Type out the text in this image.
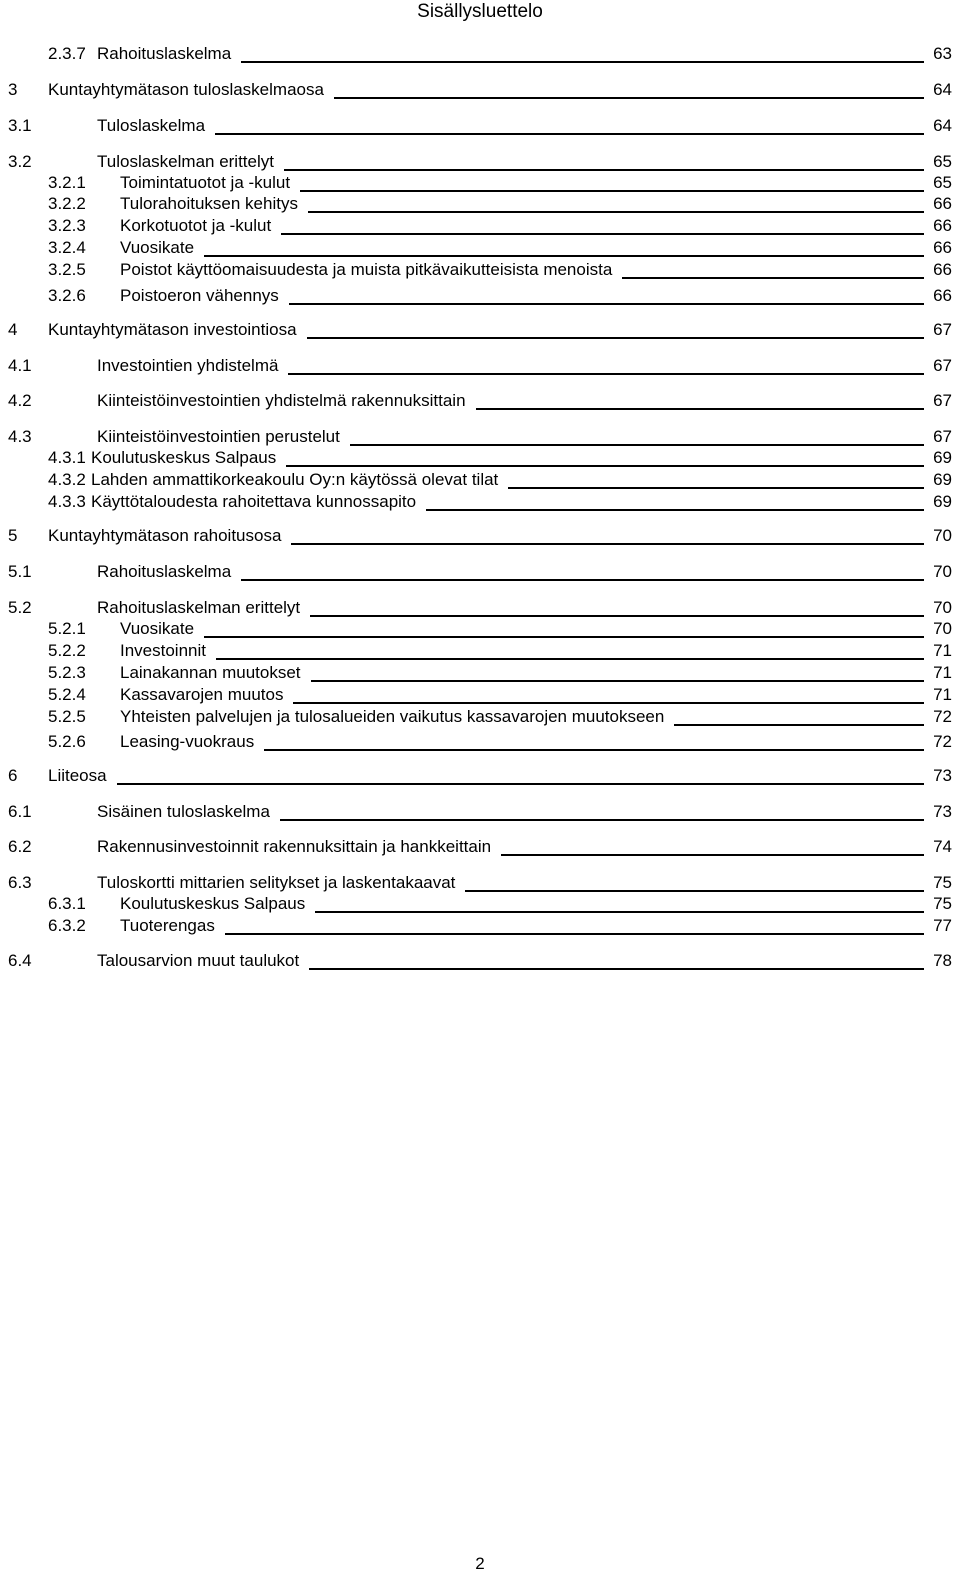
Sisällysluettelo
2.3.7 Rahoituslaskelma	63
3 Kuntayhtymätason tuloslaskelmaosa	64
3.1	Tuloslaskelma	64
3.2	Tuloslaskelman erittelyt	65
3.2.1 Toimintatuotot ja -kulut	65
3.2.2 Tulorahoituksen kehitys	66
3.2.3 Korkotuotot ja -kulut	66
3.2.4 Vuosikate	66
3.2.5 Poistot käyttöomaisuudesta ja muista pitkävaikutteisista menoista	66
3.2.6 Poistoeron vähennys	66
4 Kuntayhtymätason investointiosa	67
4.1	Investointien yhdistelmä	67
4.2	Kiinteistöinvestointien yhdistelmä rakennuksittain	67
4.3	Kiinteistöinvestointien perustelut	67
4.3.1 Koulutuskeskus Salpaus	69
4.3.2 Lahden ammattikorkeakoulu Oy:n käytössä olevat tilat	69
4.3.3 Käyttötaloudesta rahoitettava kunnossapito	69
5 Kuntayhtymätason rahoitusosa	70
5.1	Rahoituslaskelma	70
5.2	Rahoituslaskelman erittelyt	70
5.2.1 Vuosikate	70
5.2.2 Investoinnit	71
5.2.3 Lainakannan muutokset	71
5.2.4 Kassavarojen muutos	71
5.2.5 Yhteisten palvelujen ja tulosalueiden vaikutus kassavarojen muutokseen	72
5.2.6 Leasing-vuokraus	72
6 Liiteosa	73
6.1	Sisäinen tuloslaskelma	73
6.2	Rakennusinvestoinnit rakennuksittain ja hankkeittain	74
6.3	Tuloskortti mittarien selitykset ja laskentakaavat	75
6.3.1 Koulutuskeskus Salpaus	75
6.3.2 Tuoterengas	77
6.4	Talousarvion muut taulukot	78
2
